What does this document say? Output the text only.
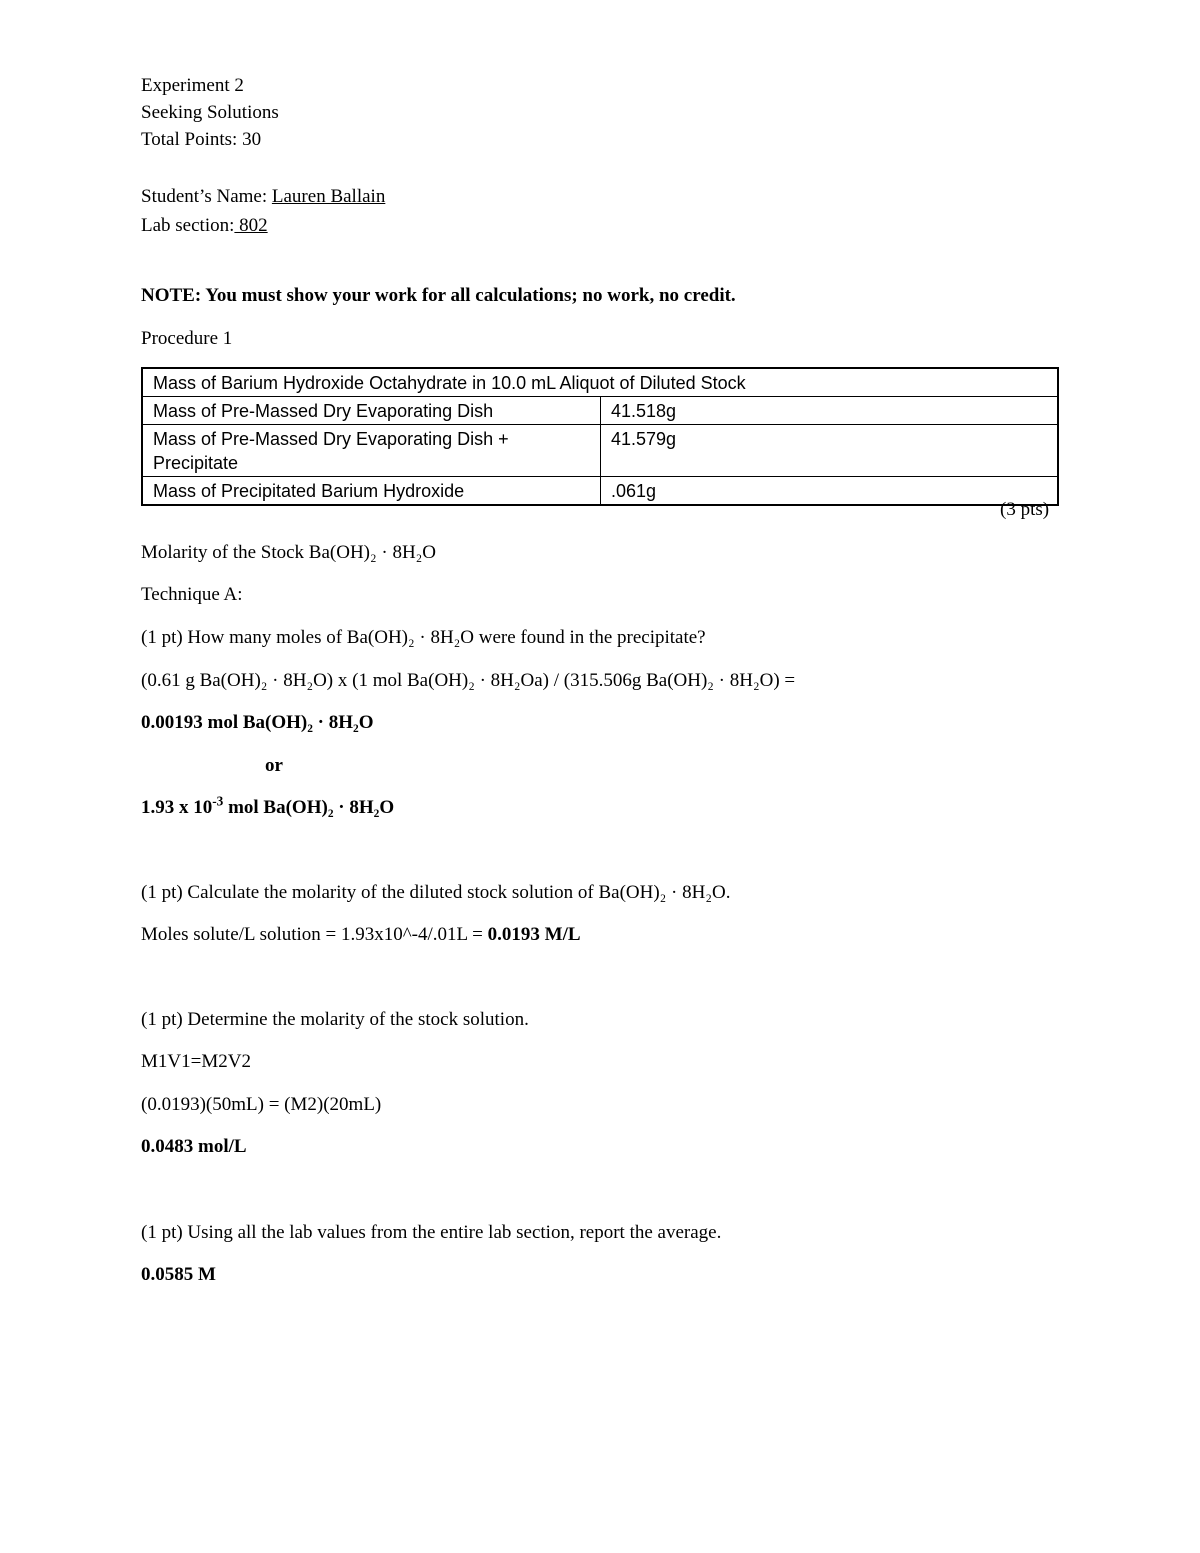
Experiment 2
Seeking Solutions
Total Points: 30
Student’s Name: Lauren Ballain
Lab section: 802
NOTE: You must show your work for all calculations; no work, no credit.
Procedure 1
Mass of Barium Hydroxide Octahydrate in 10.0 mL Aliquot of Diluted Stock	
Mass of Pre-Massed Dry Evaporating Dish	41.518g
Mass of Pre-Massed Dry Evaporating Dish + Precipitate	41.579g
Mass of Precipitated Barium Hydroxide	.061g
(3 pts)
Molarity of the Stock Ba(OH)₂ · 8H₂O
Technique A:
(1 pt) How many moles of Ba(OH)₂ · 8H₂O were found in the precipitate?
(0.61 g Ba(OH)₂ · 8H₂O) x (1 mol Ba(OH)₂ · 8H₂Oa) / (315.506g Ba(OH)₂ · 8H₂O) =
0.00193 mol Ba(OH)₂ · 8H₂O
or
1.93 x $10^{-3}$ mol Ba(OH)₂ · 8H₂O
(1 pt) Calculate the molarity of the diluted stock solution of Ba(OH)₂ · 8H₂O.
Moles solute/L solution = 1.93x10^-4/.01L = 0.0193 M/L
(1 pt) Determine the molarity of the stock solution.
M1V1=M2V2
(0.0193)(50mL) = (M2)(20mL)
0.0483 mol/L
(1 pt) Using all the lab values from the entire lab section, report the average.
0.0585 M
